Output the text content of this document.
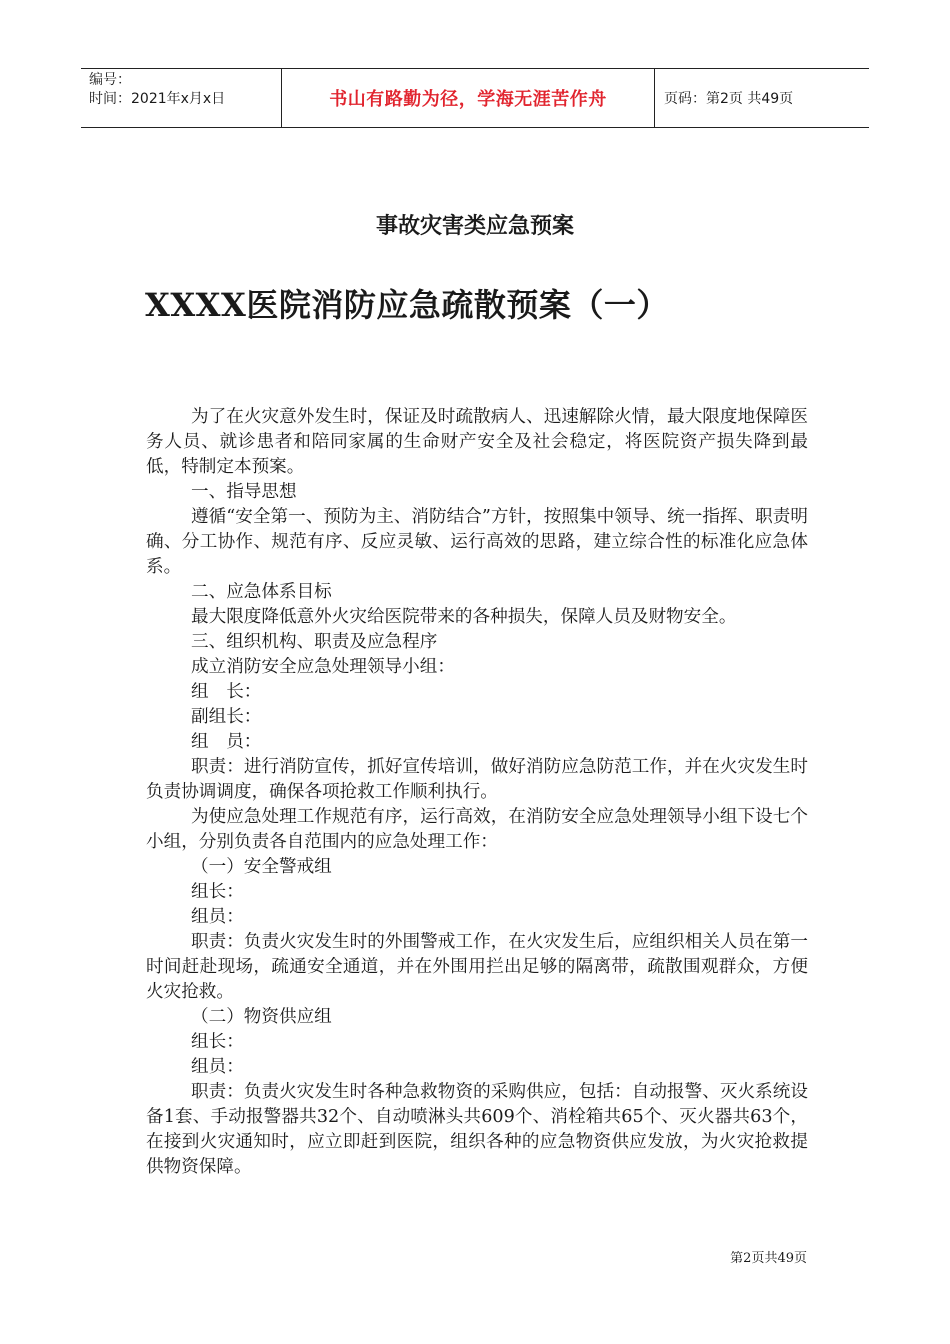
编号：
时间：2021年x月x日	书山有路勤为径，学海无涯苦作舟	页码：第2页 共49页
事故灾害类应急预案
XXXX医院消防应急疏散预案（一）

为了在火灾意外发生时，保证及时疏散病人、迅速解除火情，最大限度地保障医务人员、就诊患者和陪同家属的生命财产安全及社会稳定，将医院资产损失降到最低，特制定本预案。

一、指导思想

遵循“安全第一、预防为主、消防结合”方针，按照集中领导、统一指挥、职责明确、分工协作、规范有序、反应灵敏、运行高效的思路，建立综合性的标准化应急体系。

二、应急体系目标

最大限度降低意外火灾给医院带来的各种损失，保障人员及财物安全。

三、组织机构、职责及应急程序

成立消防安全应急处理领导小组：

组　长：

副组长：

组　员：

职责：进行消防宣传，抓好宣传培训，做好消防应急防范工作，并在火灾发生时负责协调调度，确保各项抢救工作顺利执行。

为使应急处理工作规范有序，运行高效，在消防安全应急处理领导小组下设七个小组，分别负责各自范围内的应急处理工作：

（一）安全警戒组

组长：

组员：

职责：负责火灾发生时的外围警戒工作，在火灾发生后，应组织相关人员在第一时间赶赴现场，疏通安全通道，并在外围用拦出足够的隔离带，疏散围观群众，方便火灾抢救。

（二）物资供应组

组长：

组员：

职责：负责火灾发生时各种急救物资的采购供应，包括：自动报警、灭火系统设备1套、手动报警器共32个、自动喷淋头共609个、消栓箱共65个、灭火器共63个，在接到火灾通知时，应立即赶到医院，组织各种的应急物资供应发放，为火灾抢救提供物资保障。

第2页共49页
